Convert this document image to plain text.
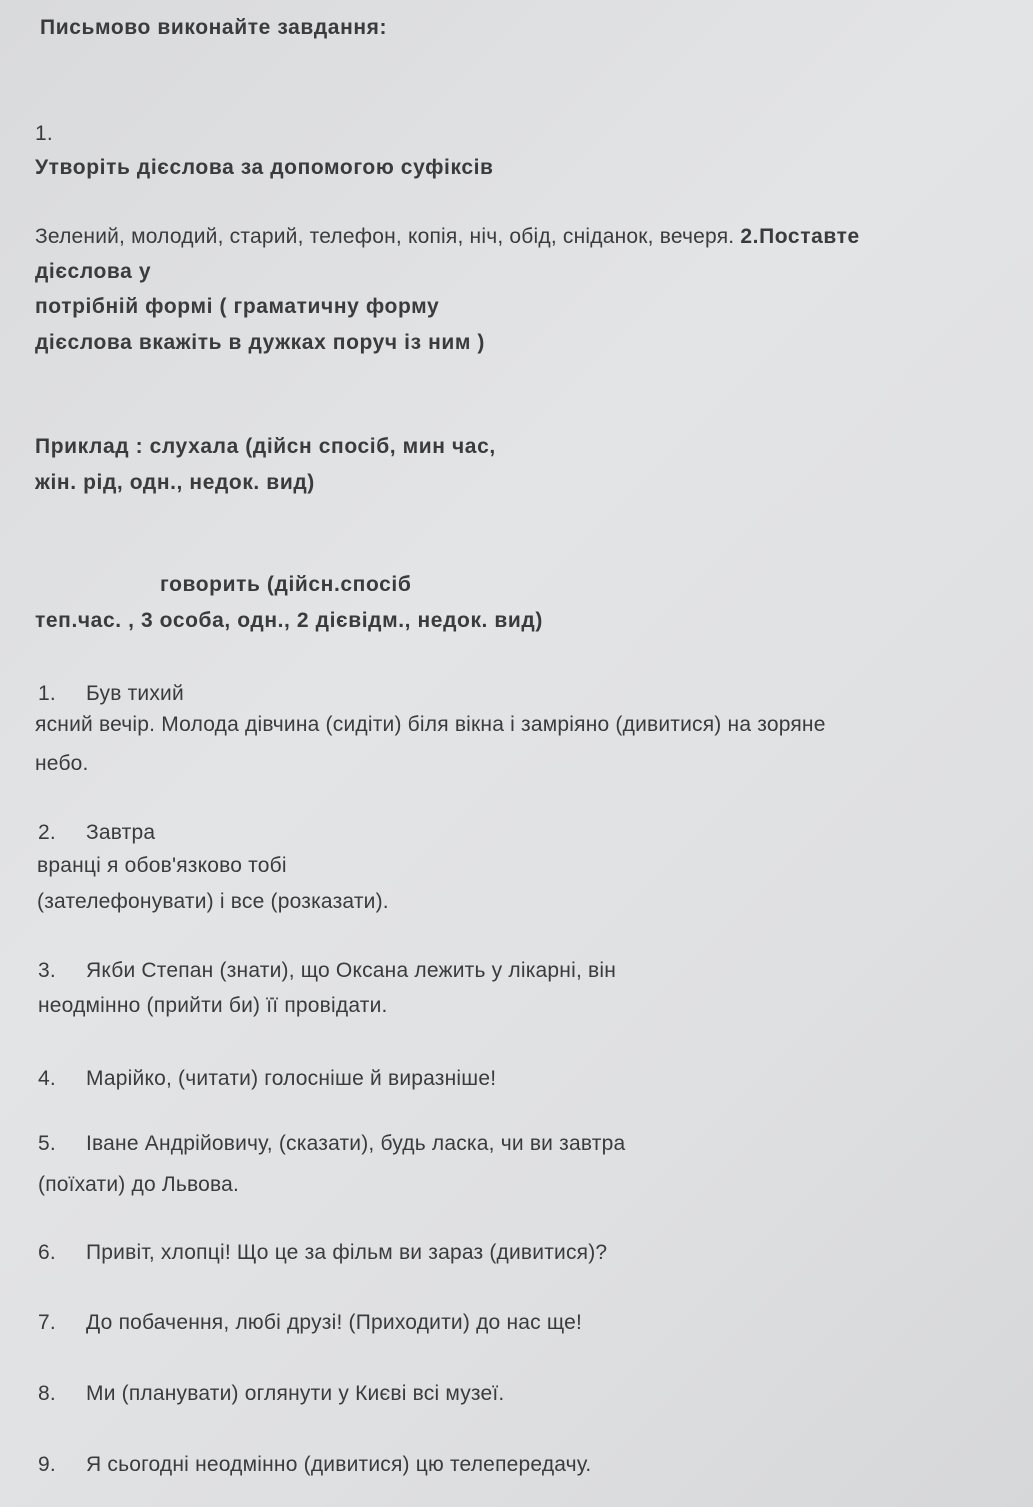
Письмово виконайте завдання:
1.
Утворіть дієслова за допомогою суфіксів
Зелений, молодий, старий, телефон, копія, ніч, обід, сніданок, вечеря. 2.Поставте
дієслова у
потрібній формі ( граматичну форму
дієслова вкажіть в дужках поруч із ним )
Приклад : слухала (дійсн спосіб, мин час,
жін. рід, одн., недок. вид)
говорить (дійсн.спосіб
теп.час. , 3 особа, одн., 2 дієвідм., недок. вид)
1. Був тихий
ясний вечір. Молода дівчина (сидіти) біля вікна і замріяно (дивитися) на зоряне
небо.
2. Завтра
вранці я обов'язково тобі
(зателефонувати) і все (розказати).
3. Якби Степан (знати), що Оксана лежить у лікарні, він
неодмінно (прийти би) її провідати.
4. Марійко, (читати) голосніше й виразніше!
5. Іване Андрійовичу, (сказати), будь ласка, чи ви завтра
(поїхати) до Львова.
6. Привіт, хлопці! Що це за фільм ви зараз (дивитися)?
7. До побачення, любі друзі! (Приходити) до нас ще!
8. Ми (планувати) оглянути у Києві всі музеї.
9. Я сьогодні неодмінно (дивитися) цю телепередачу.
